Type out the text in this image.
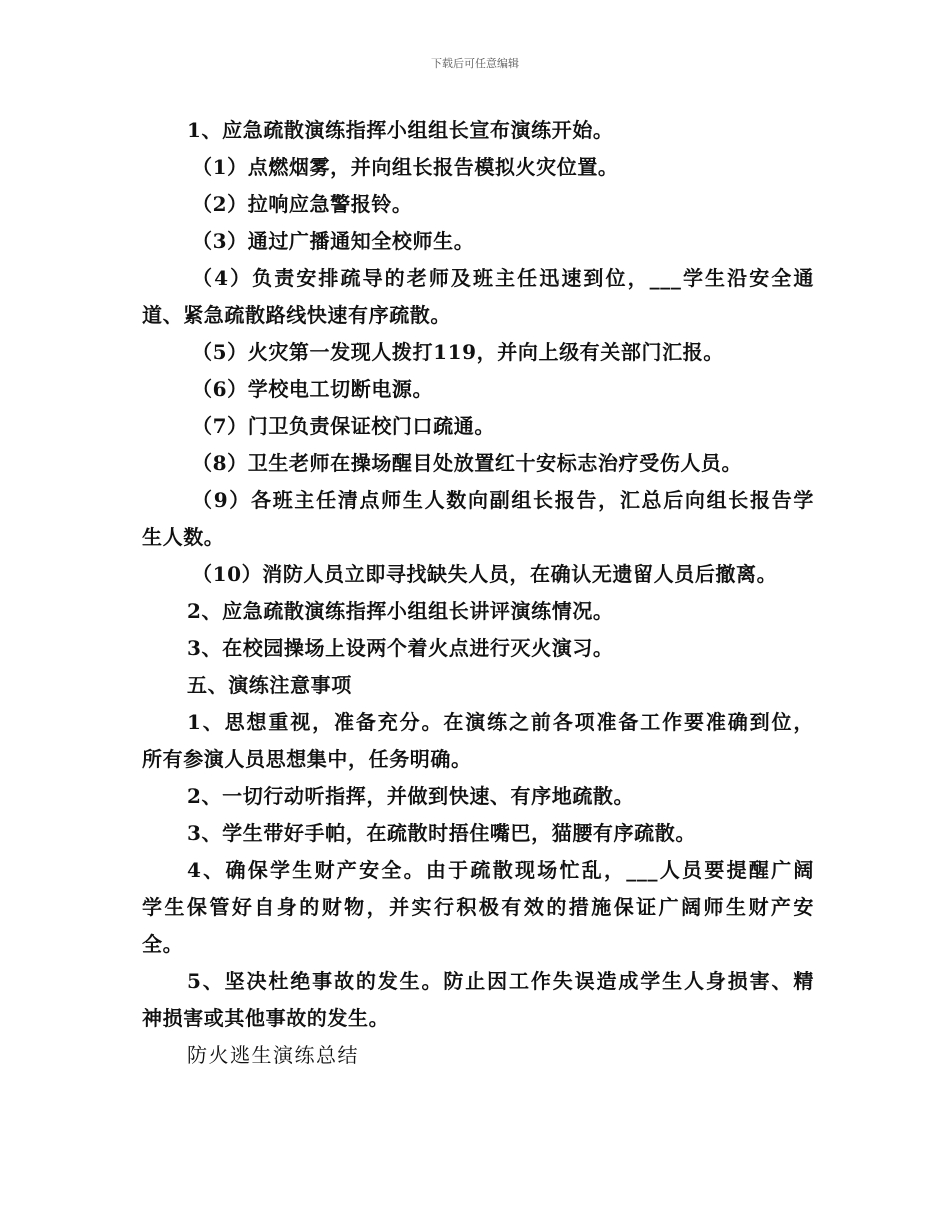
下载后可任意编辑
1、应急疏散演练指挥小组组长宣布演练开始。
（1）点燃烟雾，并向组长报告模拟火灾位置。
（2）拉响应急警报铃。
（3）通过广播通知全校师生。
（4）负责安排疏导的老师及班主任迅速到位，___学生沿安全通
道、紧急疏散路线快速有序疏散。
（5）火灾第一发现人拨打119，并向上级有关部门汇报。
（6）学校电工切断电源。
（7）门卫负责保证校门口疏通。
（8）卫生老师在操场醒目处放置红十安标志治疗受伤人员。
（9）各班主任清点师生人数向副组长报告，汇总后向组长报告学
生人数。
（10）消防人员立即寻找缺失人员，在确认无遗留人员后撤离。
2、应急疏散演练指挥小组组长讲评演练情况。
3、在校园操场上设两个着火点进行灭火演习。
五、演练注意事项
1、思想重视，准备充分。在演练之前各项准备工作要准确到位，
所有参演人员思想集中，任务明确。
2、一切行动听指挥，并做到快速、有序地疏散。
3、学生带好手帕，在疏散时捂住嘴巴，猫腰有序疏散。
4、确保学生财产安全。由于疏散现场忙乱，___人员要提醒广阔
学生保管好自身的财物，并实行积极有效的措施保证广阔师生财产安
全。
5、坚决杜绝事故的发生。防止因工作失误造成学生人身损害、精
神损害或其他事故的发生。
防火逃生演练总结
